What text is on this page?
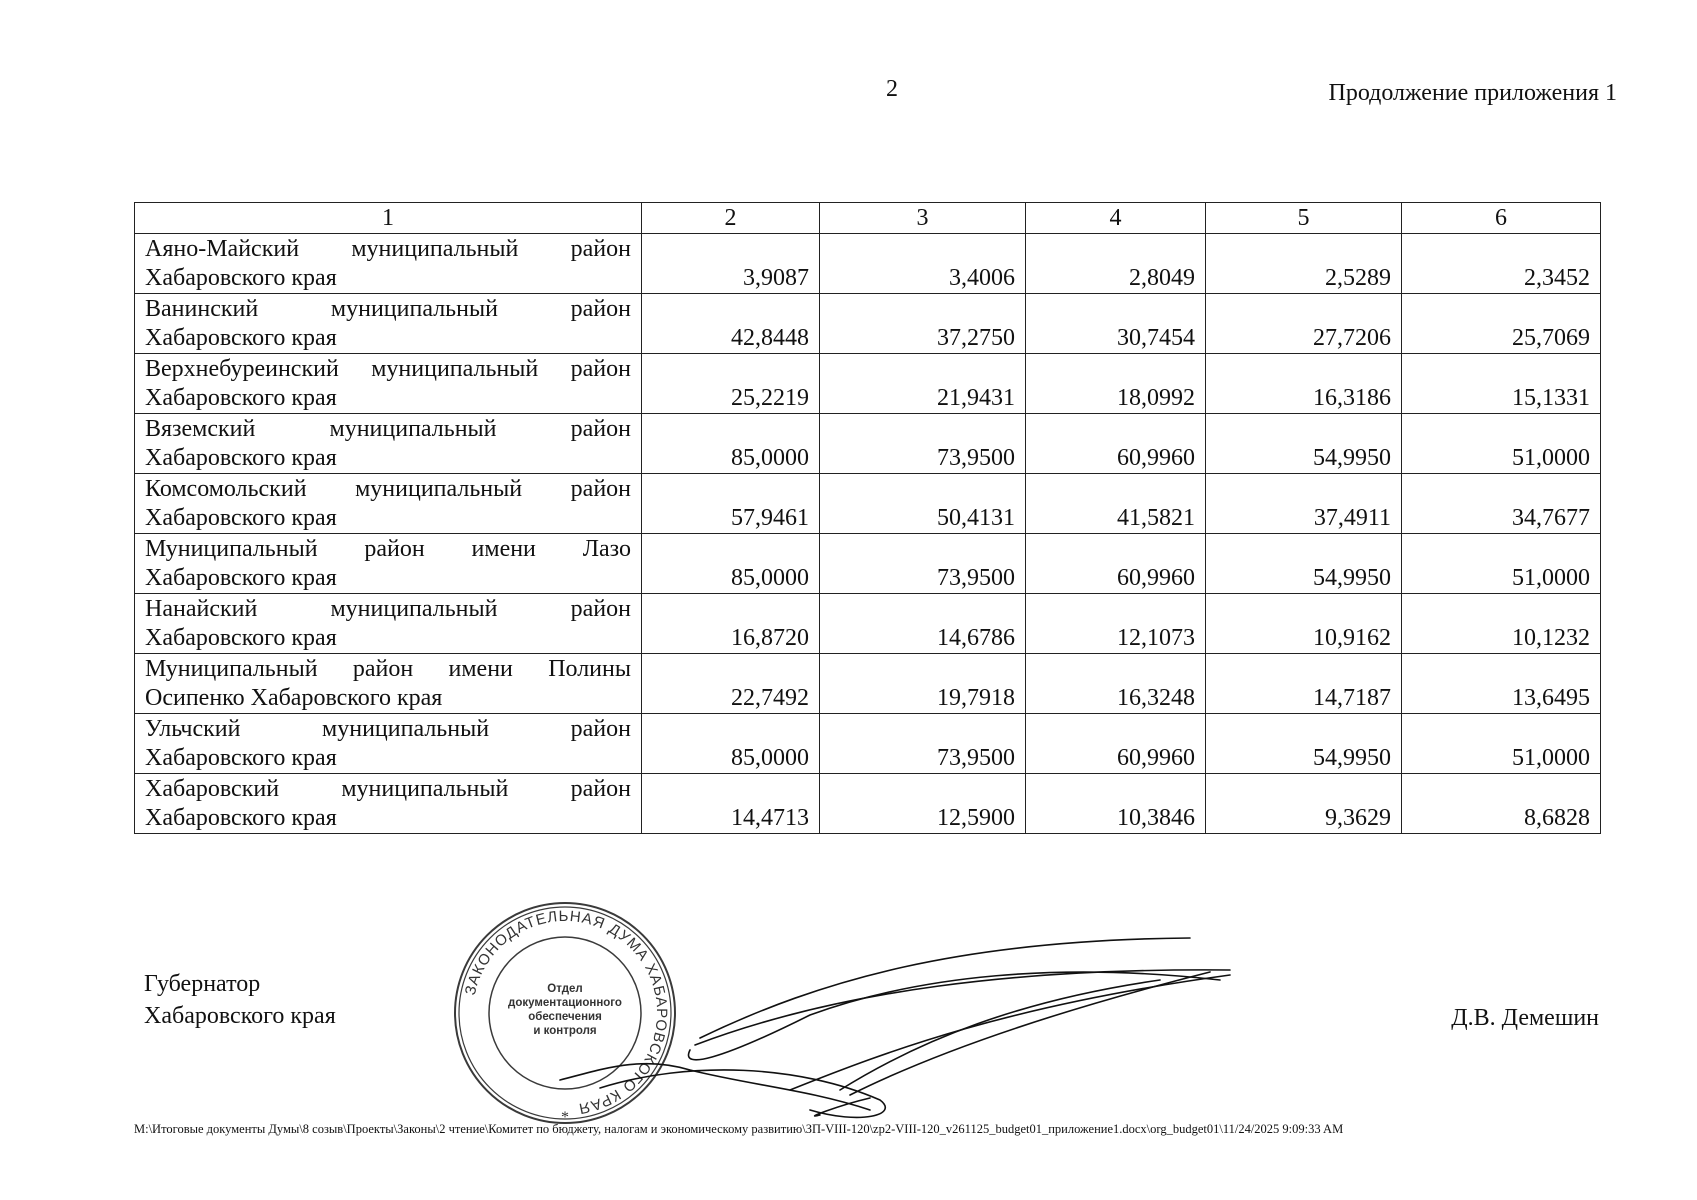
2	Продолжение приложения 1
1	2	3	4	5	6

Аяно-Майский муниципальный район
Хабаровского края	3,9087	3,4006	2,8049	2,5289	2,3452

Ванинский муниципальный район
Хабаровского края	42,8448	37,2750	30,7454	27,7206	25,7069

Верхнебуреинский муниципальный район
Хабаровского края	25,2219	21,9431	18,0992	16,3186	15,1331

Вяземский муниципальный район
Хабаровского края	85,0000	73,9500	60,9960	54,9950	51,0000

Комсомольский муниципальный район
Хабаровского края	57,9461	50,4131	41,5821	37,4911	34,7677

Муниципальный район имени Лазо
Хабаровского края	85,0000	73,9500	60,9960	54,9950	51,0000

Нанайский муниципальный район
Хабаровского края	16,8720	14,6786	12,1073	10,9162	10,1232

Муниципальный район имени Полины
Осипенко Хабаровского края	22,7492	19,7918	16,3248	14,7187	13,6495

Ульчский муниципальный район
Хабаровского края	85,0000	73,9500	60,9960	54,9950	51,0000

Хабаровский муниципальный район
Хабаровского края	14,4713	12,5900	10,3846	9,3629	8,6828
Губернатор
Хабаровского края
ЗАКОНОДАТЕЛЬНАЯ ДУМА ХАБАРОВСКОГО КРАЯ
Отдел
документационного
обеспечения
и контроля
*
Д.В. Демешин
M:\Итоговые документы Думы\8 созыв\Проекты\Законы\2 чтение\Комитет по бюджету, налогам и экономическому развитию\ЗП-VIII-120\zp2-VIII-120_v261125_budget01_приложение1.docx\org_budget01\11/24/2025 9:09:33 AM
